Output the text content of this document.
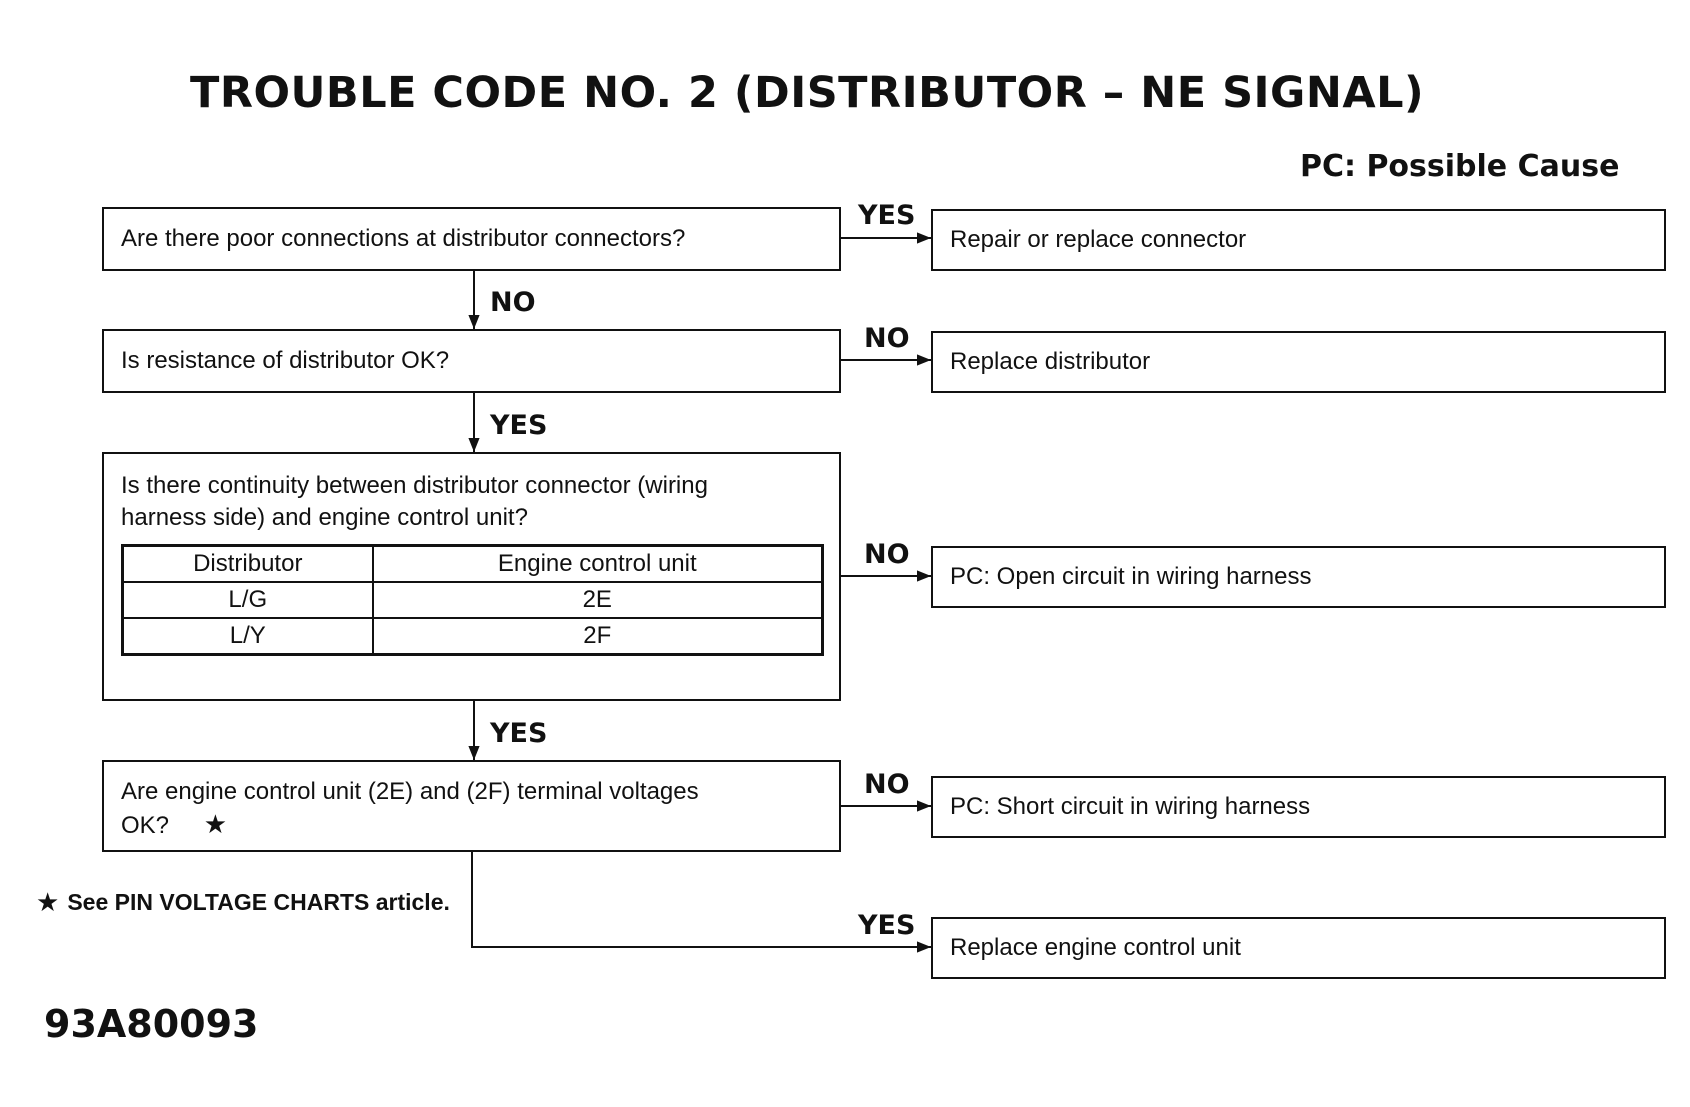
TROUBLE CODE NO. 2 (DISTRIBUTOR – NE SIGNAL)
PC: Possible Cause
Are there poor connections at distributor connectors?
Is resistance of distributor OK?
Is there continuity between distributor connector (wiring
harness side) and engine control unit?
Distributor	Engine control unit
L/G	2E
L/Y	2F
Are engine control unit (2E) and (2F) terminal voltages
OK? ★
Repair or replace connector
Replace distributor
PC: Open circuit in wiring harness
PC: Short circuit in wiring harness
Replace engine control unit
YES
NO
NO
YES
NO
YES
NO
YES
★ See PIN VOLTAGE CHARTS article.
93A80093
